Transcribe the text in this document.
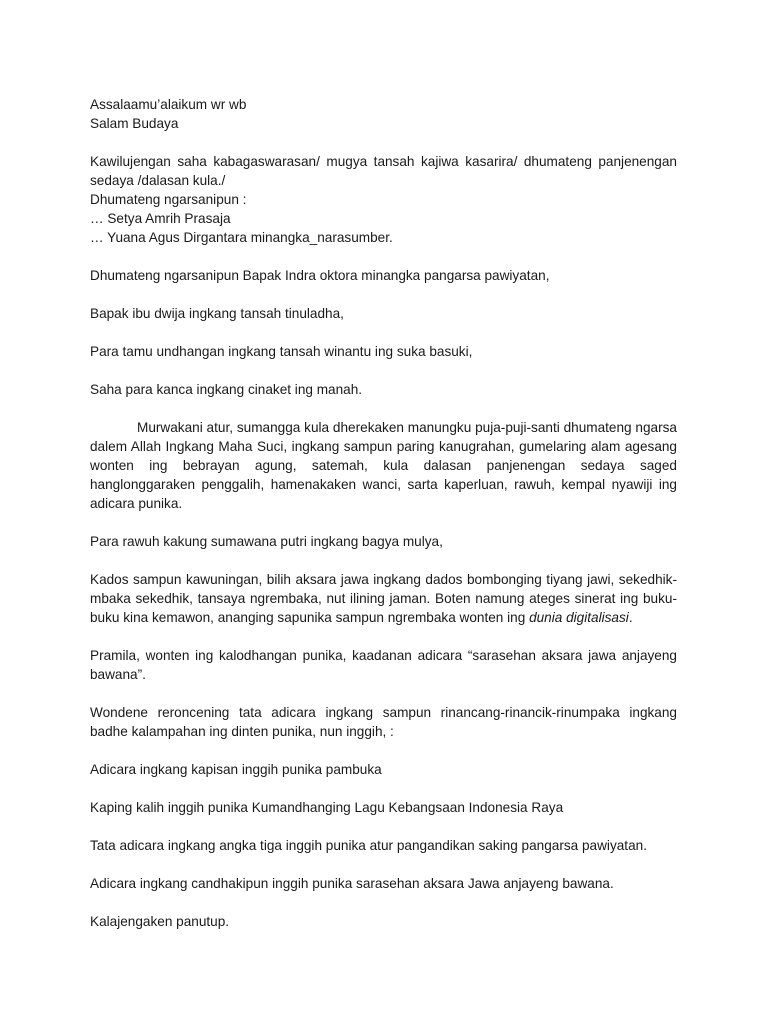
Assalaamu’alaikum wr wb
Salam Budaya

Kawilujengan saha kabagaswarasan/ mugya tansah kajiwa kasarira/ dhumateng panjenengan sedaya /dalasan kula./
Dhumateng ngarsanipun :
… Setya Amrih Prasaja
… Yuana Agus Dirgantara minangka_narasumber.

Dhumateng ngarsanipun Bapak Indra oktora minangka pangarsa pawiyatan,

Bapak ibu dwija ingkang tansah tinuladha,

Para tamu undhangan ingkang tansah winantu ing suka basuki,

Saha para kanca ingkang cinaket ing manah.

Murwakani atur, sumangga kula dherekaken manungku puja-puji-santi dhumateng ngarsa dalem Allah Ingkang Maha Suci, ingkang sampun paring kanugrahan, gumelaring alam agesang wonten ing bebrayan agung, satemah, kula dalasan panjenengan sedaya saged hanglonggaraken penggalih, hamenakaken wanci, sarta kaperluan, rawuh, kempal nyawiji ing adicara punika.

Para rawuh kakung sumawana putri ingkang bagya mulya,

Kados sampun kawuningan, bilih aksara jawa ingkang dados bombonging tiyang jawi, sekedhik-mbaka sekedhik, tansaya ngrembaka, nut ilining jaman. Boten namung ateges sinerat ing buku-buku kina kemawon, ananging sapunika sampun ngrembaka wonten ing dunia digitalisasi.

Pramila, wonten ing kalodhangan punika, kaadanan adicara “sarasehan aksara jawa anjayeng bawana”.

Wondene reroncening tata adicara ingkang sampun rinancang-rinancik-rinumpaka ingkang badhe kalampahan ing dinten punika, nun inggih, :

Adicara ingkang kapisan inggih punika pambuka

Kaping kalih inggih punika Kumandhanging Lagu Kebangsaan Indonesia Raya

Tata adicara ingkang angka tiga inggih punika atur pangandikan saking pangarsa pawiyatan.

Adicara ingkang candhakipun inggih punika sarasehan aksara Jawa anjayeng bawana.

Kalajengaken panutup.
